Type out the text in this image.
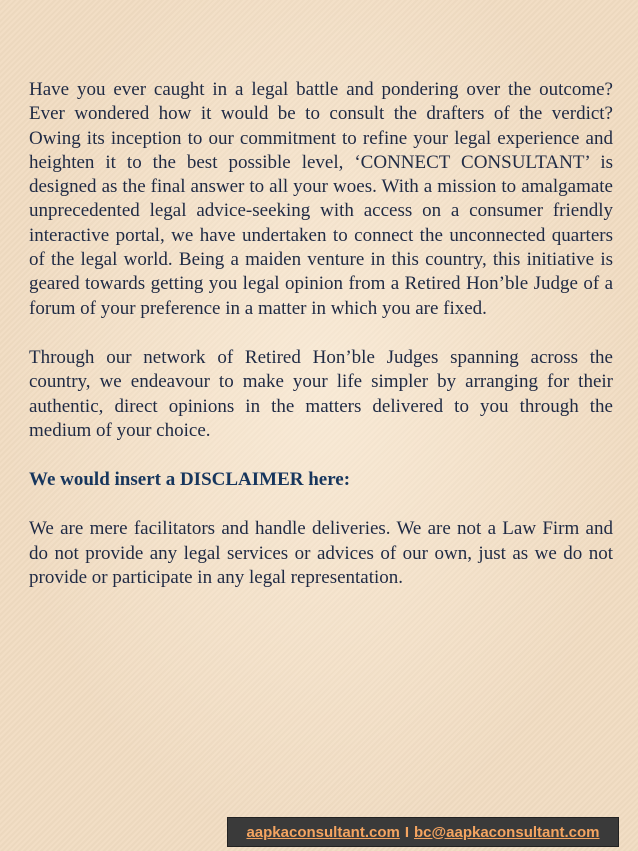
Have you ever caught in a legal battle and pondering over the outcome? Ever wondered how it would be to consult the drafters of the verdict? Owing its inception to our commitment to refine your legal experience and heighten it to the best possible level, ‘CONNECT CONSULTANT’ is designed as the final answer to all your woes. With a mission to amalgamate unprecedented legal advice-seeking with access on a consumer friendly interactive portal, we have undertaken to connect the unconnected quarters of the legal world. Being a maiden venture in this country, this initiative is geared towards getting you legal opinion from a Retired Hon’ble Judge of a forum of your preference in a matter in which you are fixed.

Through our network of Retired Hon’ble Judges spanning across the country, we endeavour to make your life simpler by arranging for their authentic, direct opinions in the matters delivered to you through the medium of your choice.

We would insert a DISCLAIMER here:

We are mere facilitators and handle deliveries. We are not a Law Firm and do not provide any legal services or advices of our own, just as we do not provide or participate in any legal representation.

aapkaconsultant.com I bc@aapkaconsultant.com
